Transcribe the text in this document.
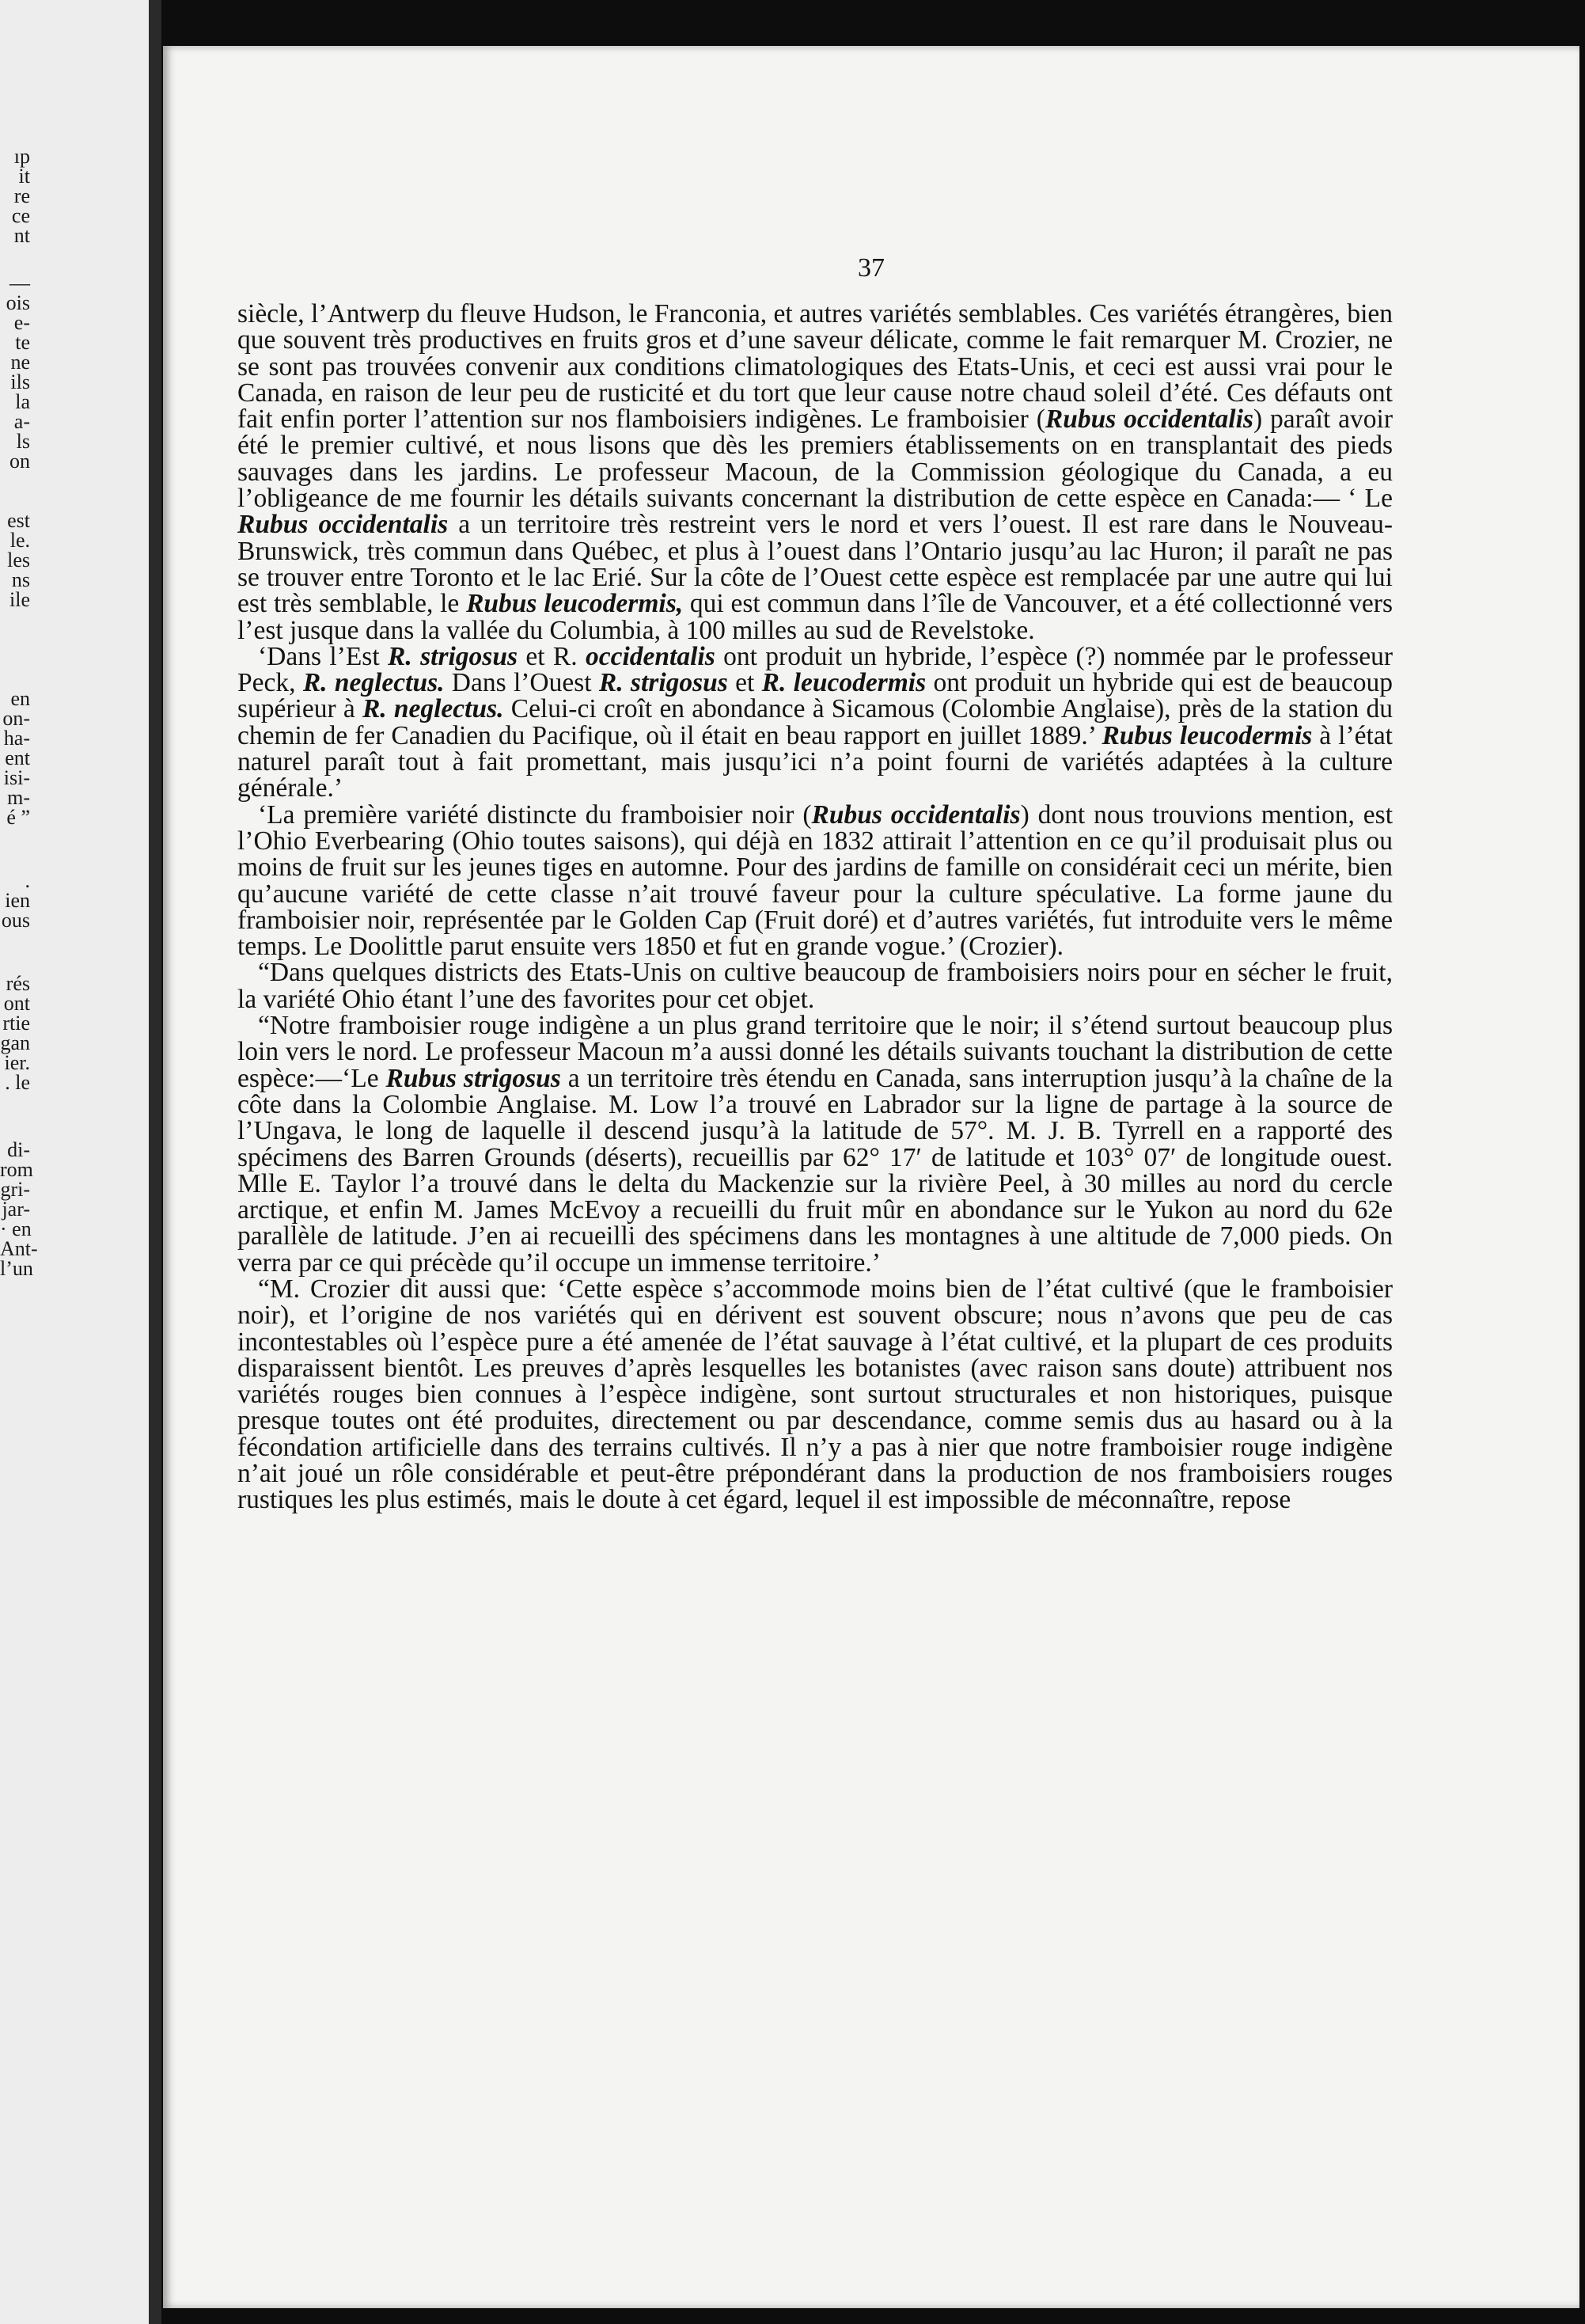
ıp
it
re
ce
nt
—
ois
e-
te
ne
ils
la
a-
ls
on
est
le.
les
ns
ile
en
on-
ha-
ent
isi-
m-
é ”
.
ien
ous
rés
ont
rtie
gan
ier.
. le
di-
rom
gri-
jar-
· en
Ant-
l’un
37

siècle, l’Antwerp du fleuve Hudson, le Franconia, et autres variétés semblables. Ces variétés étrangères, bien que souvent très productives en fruits gros et d’une saveur délicate, comme le fait remarquer M. Crozier, ne se sont pas trouvées convenir aux conditions climatologiques des Etats-Unis, et ceci est aussi vrai pour le Canada, en raison de leur peu de rusticité et du tort que leur cause notre chaud soleil d’été. Ces défauts ont fait enfin porter l’attention sur nos flamboisiers indigènes. Le framboisier (Rubus occidentalis) paraît avoir été le premier cultivé, et nous lisons que dès les premiers établissements on en transplantait des pieds sauvages dans les jardins. Le professeur Macoun, de la Commission géologique du Canada, a eu l’obligeance de me fournir les détails suivants concernant la distribution de cette espèce en Canada:— ‘ Le Rubus occidentalis a un territoire très restreint vers le nord et vers l’ouest. Il est rare dans le Nouveau-Brunswick, très commun dans Québec, et plus à l’ouest dans l’Ontario jusqu’au lac Huron; il paraît ne pas se trouver entre Toronto et le lac Erié. Sur la côte de l’Ouest cette espèce est remplacée par une autre qui lui est très semblable, le Rubus leucodermis, qui est commun dans l’île de Vancouver, et a été collectionné vers l’est jusque dans la vallée du Columbia, à 100 milles au sud de Revelstoke.

‘Dans l’Est R. strigosus et R. occidentalis ont produit un hybride, l’espèce (?) nommée par le professeur Peck, R. neglectus. Dans l’Ouest R. strigosus et R. leucodermis ont produit un hybride qui est de beaucoup supérieur à R. neglectus. Celui-ci croît en abondance à Sicamous (Colombie Anglaise), près de la station du chemin de fer Canadien du Pacifique, où il était en beau rapport en juillet 1889.’ Rubus leucodermis à l’état naturel paraît tout à fait promettant, mais jusqu’ici n’a point fourni de variétés adaptées à la culture générale.’

‘La première variété distincte du framboisier noir (Rubus occidentalis) dont nous trouvions mention, est l’Ohio Everbearing (Ohio toutes saisons), qui déjà en 1832 attirait l’attention en ce qu’il produisait plus ou moins de fruit sur les jeunes tiges en automne. Pour des jardins de famille on considérait ceci un mérite, bien qu’aucune variété de cette classe n’ait trouvé faveur pour la culture spéculative. La forme jaune du framboisier noir, représentée par le Golden Cap (Fruit doré) et d’autres variétés, fut introduite vers le même temps. Le Doolittle parut ensuite vers 1850 et fut en grande vogue.’ (Crozier).

“Dans quelques districts des Etats-Unis on cultive beaucoup de framboisiers noirs pour en sécher le fruit, la variété Ohio étant l’une des favorites pour cet objet.

“Notre framboisier rouge indigène a un plus grand territoire que le noir; il s’étend surtout beaucoup plus loin vers le nord. Le professeur Macoun m’a aussi donné les détails suivants touchant la distribution de cette espèce:—‘Le Rubus strigosus a un territoire très étendu en Canada, sans interruption jusqu’à la chaîne de la côte dans la Colombie Anglaise. M. Low l’a trouvé en Labrador sur la ligne de partage à la source de l’Ungava, le long de laquelle il descend jusqu’à la latitude de 57°. M. J. B. Tyrrell en a rapporté des spécimens des Barren Grounds (déserts), recueillis par 62° 17′ de latitude et 103° 07′ de longitude ouest. Mlle E. Taylor l’a trouvé dans le delta du Mackenzie sur la rivière Peel, à 30 milles au nord du cercle arctique, et enfin M. James McEvoy a recueilli du fruit mûr en abondance sur le Yukon au nord du 62e parallèle de latitude. J’en ai recueilli des spécimens dans les montagnes à une altitude de 7,000 pieds. On verra par ce qui précède qu’il occupe un immense territoire.’

“M. Crozier dit aussi que: ‘Cette espèce s’accommode moins bien de l’état cultivé (que le framboisier noir), et l’origine de nos variétés qui en dérivent est souvent obscure; nous n’avons que peu de cas incontestables où l’espèce pure a été amenée de l’état sauvage à l’état cultivé, et la plupart de ces produits disparaissent bientôt. Les preuves d’après lesquelles les botanistes (avec raison sans doute) attribuent nos variétés rouges bien connues à l’espèce indigène, sont surtout structurales et non historiques, puisque presque toutes ont été produites, directement ou par descendance, comme semis dus au hasard ou à la fécondation artificielle dans des terrains cultivés. Il n’y a pas à nier que notre framboisier rouge indigène n’ait joué un rôle considérable et peut-être prépondérant dans la production de nos framboisiers rouges rustiques les plus estimés, mais le doute à cet égard, lequel il est impossible de méconnaître, repose
